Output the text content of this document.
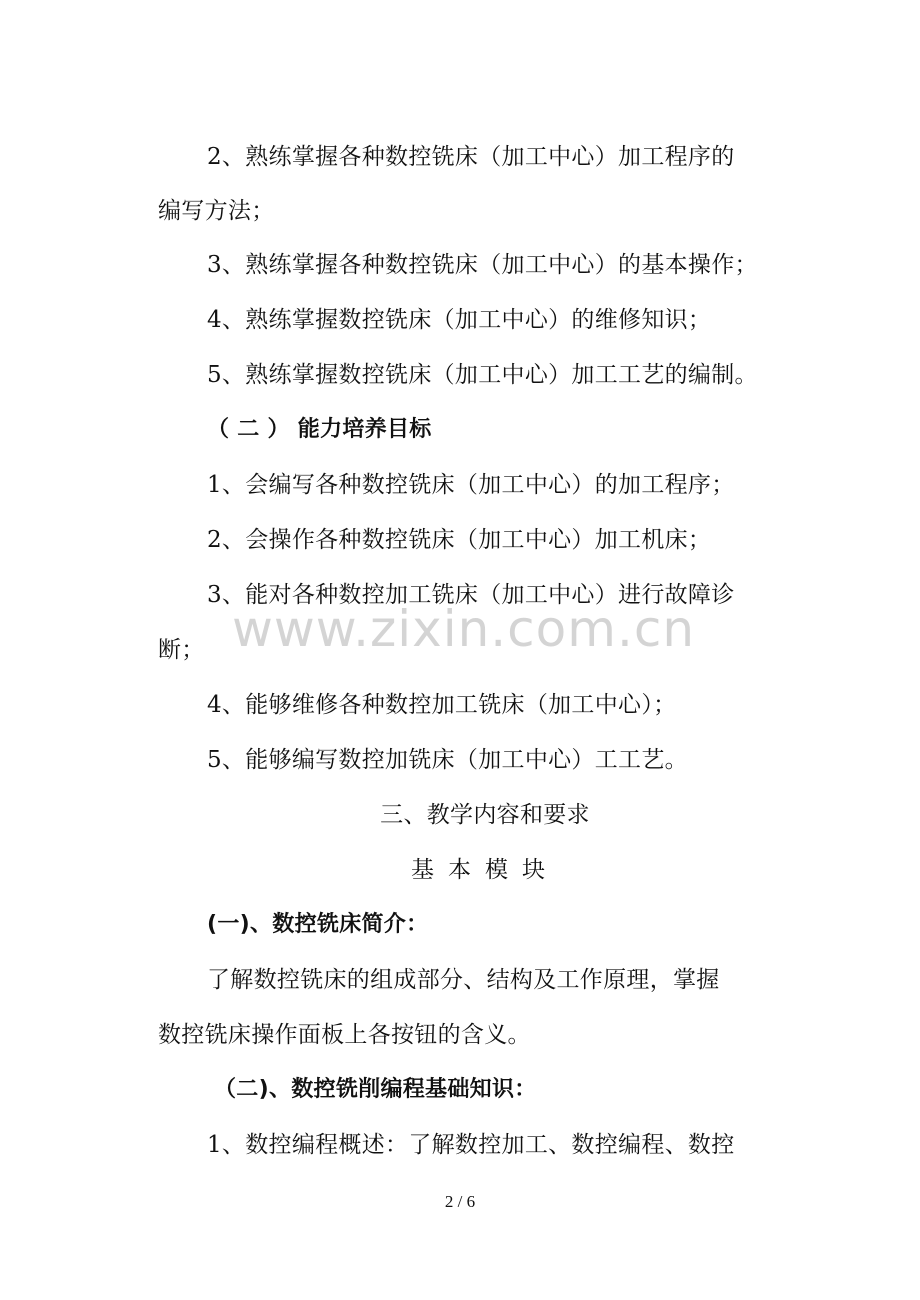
2、熟练掌握各种数控铣床（加工中心）加工程序的
编写方法；
3、熟练掌握各种数控铣床（加工中心）的基本操作；
4、熟练掌握数控铣床（加工中心）的维修知识；
5、熟练掌握数控铣床（加工中心）加工工艺的编制。
（ 二 ） 能力培养目标
1、会编写各种数控铣床（加工中心）的加工程序；
2、会操作各种数控铣床（加工中心）加工机床；
3、能对各种数控加工铣床（加工中心）进行故障诊
断；
4、能够维修各种数控加工铣床（加工中心）；
5、能够编写数控加铣床（加工中心）工工艺。
三、教学内容和要求
基本模块
(一)、数控铣床简介：
了解数控铣床的组成部分、结构及工作原理，掌握
数控铣床操作面板上各按钮的含义。
（二)、数控铣削编程基础知识：
1、数控编程概述：了解数控加工、数控编程、数控
www.zixin.com.cn
2 / 6
